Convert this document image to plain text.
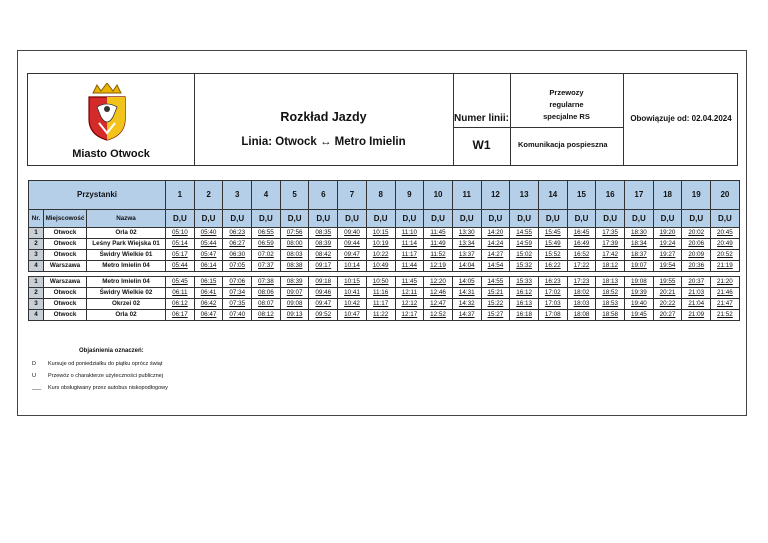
Miasto Otwock
Rozkład Jazdy
Linia: Otwock ↔ Metro Imielin
Numer linii:
W1
Przewozy regularne specjalne RS
Komunikacja pospieszna
Obowiązuje od: 02.04.2024
Przystanki			1	2	3	4	5	6	7	8	9	10	11	12	13	14	15	16	17	18	19	20
Nr.	Miejscowość	Nazwa	D,U	D,U	D,U	D,U	D,U	D,U	D,U	D,U	D,U	D,U	D,U	D,U	D,U	D,U	D,U	D,U	D,U	D,U	D,U	D,U
1	Otwock	Orla 02	05:10	05:40	06:23	06:55	07:56	08:35	09:40	10:15	11:10	11:45	13:30	14:20	14:55	15:45	16:45	17:35	18:30	19:20	20:02	20:45
2	Otwock	Leśny Park Wiejska 01	05:14	05:44	06:27	06:59	08:00	08:39	09:44	10:19	11:14	11:49	13:34	14:24	14:59	15:49	16:49	17:39	18:34	19:24	20:06	20:49
3	Otwock	Świdry Wielkie 01	05:17	05:47	06:30	07:02	08:03	08:42	09:47	10:22	11:17	11:52	13:37	14:27	15:02	15:52	16:52	17:42	18:37	19:27	20:09	20:52
4	Warszawa	Metro Imielin 04	05:44	06:14	07:05	07:37	08:38	09:17	10:14	10:49	11:44	12:19	14:04	14:54	15:32	16:22	17:22	18:12	19:07	19:54	20:36	21:19

1	Warszawa	Metro Imielin 04	05:45	06:15	07:06	07:38	08:39	09:18	10:15	10:50	11:45	12:20	14:05	14:55	15:33	16:23	17:23	18:13	19:08	19:55	20:37	21:20
2	Otwock	Świdry Wielkie 02	06:11	06:41	07:34	08:06	09:07	09:46	10:41	11:16	12:11	12:46	14:31	15:21	16:12	17:02	18:02	18:52	19:39	20:21	21:03	21:46
3	Otwock	Okrzei 02	06:12	06:42	07:35	08:07	09:08	09:47	10:42	11:17	12:12	12:47	14:32	15:22	16:13	17:03	18:03	18:53	19:40	20:22	21:04	21:47
4	Otwock	Orla 02	06:17	06:47	07:40	08:12	09:13	09:52	10:47	11:22	12:17	12:52	14:37	15:27	16:18	17:08	18:08	18:58	19:45	20:27	21:09	21:52
Objaśnienia oznaczeń:
D	Kursuje od poniedziałku do piątku oprócz świąt
U	Przewóz o charakterze użyteczności publicznej
___	Kurs obsługiwany przez autobus niskopodłogowy
